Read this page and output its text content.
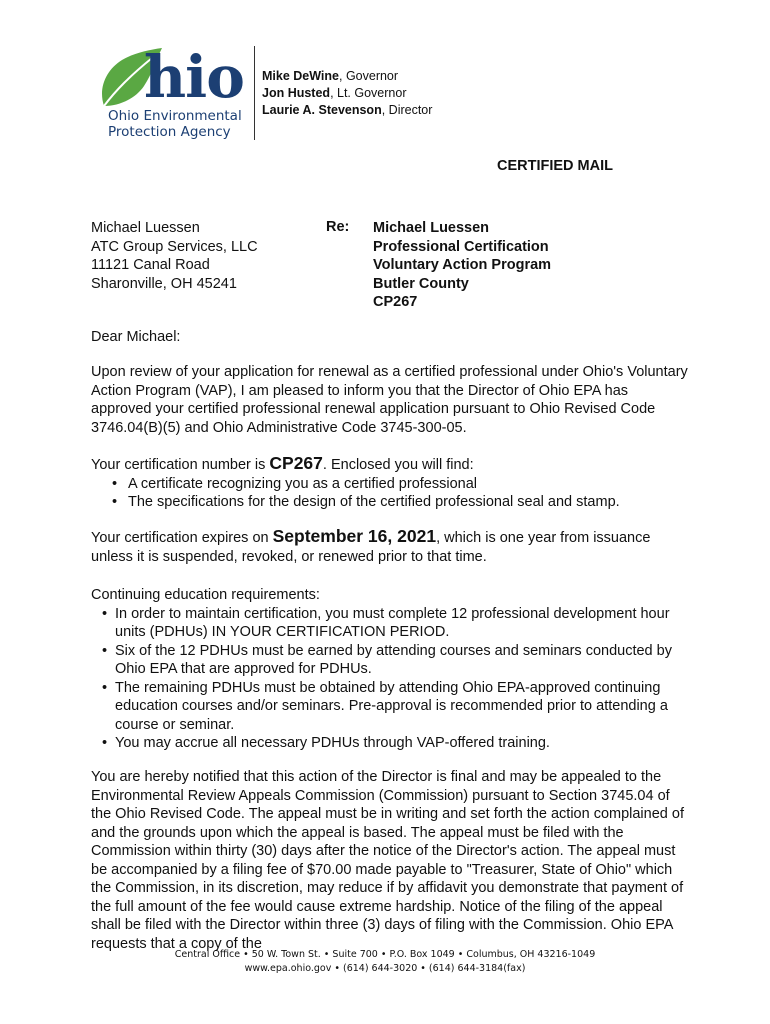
hio
Ohio Environmental
Protection Agency
Mike DeWine, Governor
Jon Husted, Lt. Governor
Laurie A. Stevenson, Director
CERTIFIED MAIL
Michael Luessen
ATC Group Services, LLC
11121 Canal Road
Sharonville, OH 45241
Re: Michael Luessen
Professional Certification
Voluntary Action Program
Butler County
CP267
Dear Michael:

Upon review of your application for renewal as a certified professional under Ohio's Voluntary Action Program (VAP), I am pleased to inform you that the Director of Ohio EPA has approved your certified professional renewal application pursuant to Ohio Revised Code 3746.04(B)(5) and Ohio Administrative Code 3745-300-05.

Your certification number is CP267. Enclosed you will find:

• A certificate recognizing you as a certified professional
• The specifications for the design of the certified professional seal and stamp.

Your certification expires on September 16, 2021, which is one year from issuance unless it is suspended, revoked, or renewed prior to that time.

Continuing education requirements:

• In order to maintain certification, you must complete 12 professional development hour units (PDHUs) IN YOUR CERTIFICATION PERIOD.
• Six of the 12 PDHUs must be earned by attending courses and seminars conducted by Ohio EPA that are approved for PDHUs.
• The remaining PDHUs must be obtained by attending Ohio EPA-approved continuing education courses and/or seminars. Pre-approval is recommended prior to attending a course or seminar.
• You may accrue all necessary PDHUs through VAP-offered training.

You are hereby notified that this action of the Director is final and may be appealed to the Environmental Review Appeals Commission (Commission) pursuant to Section 3745.04 of the Ohio Revised Code. The appeal must be in writing and set forth the action complained of and the grounds upon which the appeal is based. The appeal must be filed with the Commission within thirty (30) days after the notice of the Director's action. The appeal must be accompanied by a filing fee of $70.00 made payable to "Treasurer, State of Ohio" which the Commission, in its discretion, may reduce if by affidavit you demonstrate that payment of the full amount of the fee would cause extreme hardship. Notice of the filing of the appeal shall be filed with the Director within three (3) days of filing with the Commission. Ohio EPA requests that a copy of the

Central Office • 50 W. Town St. • Suite 700 • P.O. Box 1049 • Columbus, OH 43216-1049
www.epa.ohio.gov • (614) 644-3020 • (614) 644-3184(fax)
